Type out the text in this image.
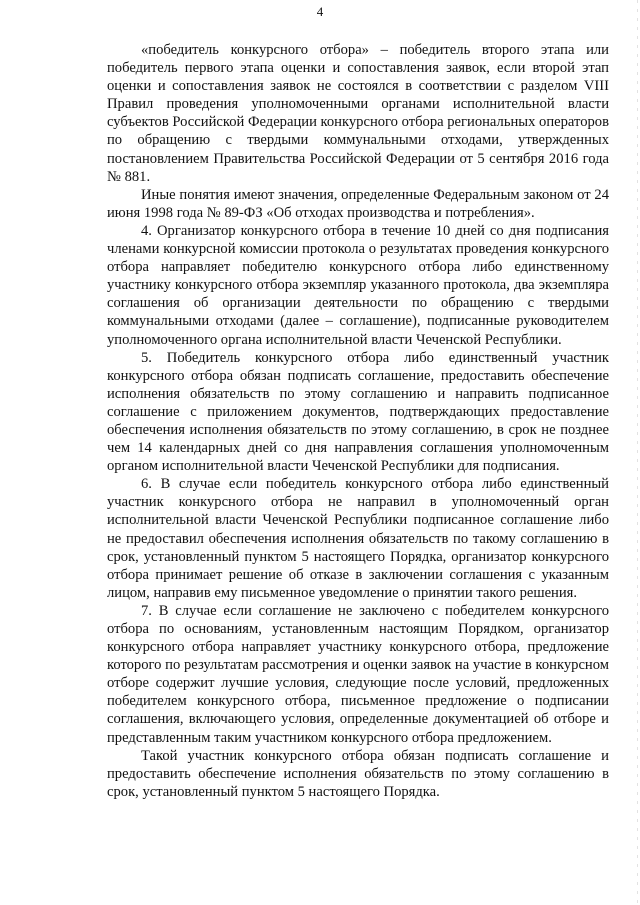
4

«победитель конкурсного отбора» – победитель второго этапа или победитель первого этапа оценки и сопоставления заявок, если второй этап оценки и сопоставления заявок не состоялся в соответствии с разделом VIII Правил проведения уполномоченными органами исполнительной власти субъектов Российской Федерации конкурсного отбора региональных операторов по обращению с твердыми коммунальными отходами, утвержденных постановлением Правительства Российской Федерации от 5 сентября 2016 года № 881.

Иные понятия имеют значения, определенные Федеральным законом от 24 июня 1998 года № 89-ФЗ «Об отходах производства и потребления».

4. Организатор конкурсного отбора в течение 10 дней со дня подписания членами конкурсной комиссии протокола о результатах проведения конкурсного отбора направляет победителю конкурсного отбора либо единственному участнику конкурсного отбора экземпляр указанного протокола, два экземпляра соглашения об организации деятельности по обращению с твердыми коммунальными отходами (далее – соглашение), подписанные руководителем уполномоченного органа исполнительной власти Чеченской Республики.

5. Победитель конкурсного отбора либо единственный участник конкурсного отбора обязан подписать соглашение, предоставить обеспечение исполнения обязательств по этому соглашению и направить подписанное соглашение с приложением документов, подтверждающих предоставление обеспечения исполнения обязательств по этому соглашению, в срок не позднее чем 14 календарных дней со дня направления соглашения уполномоченным органом исполнительной власти Чеченской Республики для подписания.

6. В случае если победитель конкурсного отбора либо единственный участник конкурсного отбора не направил в уполномоченный орган исполнительной власти Чеченской Республики подписанное соглашение либо не предоставил обеспечения исполнения обязательств по такому соглашению в срок, установленный пунктом 5 настоящего Порядка, организатор конкурсного отбора принимает решение об отказе в заключении соглашения с указанным лицом, направив ему письменное уведомление о принятии такого решения.

7. В случае если соглашение не заключено с победителем конкурсного отбора по основаниям, установленным настоящим Порядком, организатор конкурсного отбора направляет участнику конкурсного отбора, предложение которого по результатам рассмотрения и оценки заявок на участие в конкурсном отборе содержит лучшие условия, следующие после условий, предложенных победителем конкурсного отбора, письменное предложение о подписании соглашения, включающего условия, определенные документацией об отборе и представленным таким участником конкурсного отбора предложением.

Такой участник конкурсного отбора обязан подписать соглашение и предоставить обеспечение исполнения обязательств по этому соглашению в срок, установленный пунктом 5 настоящего Порядка.
